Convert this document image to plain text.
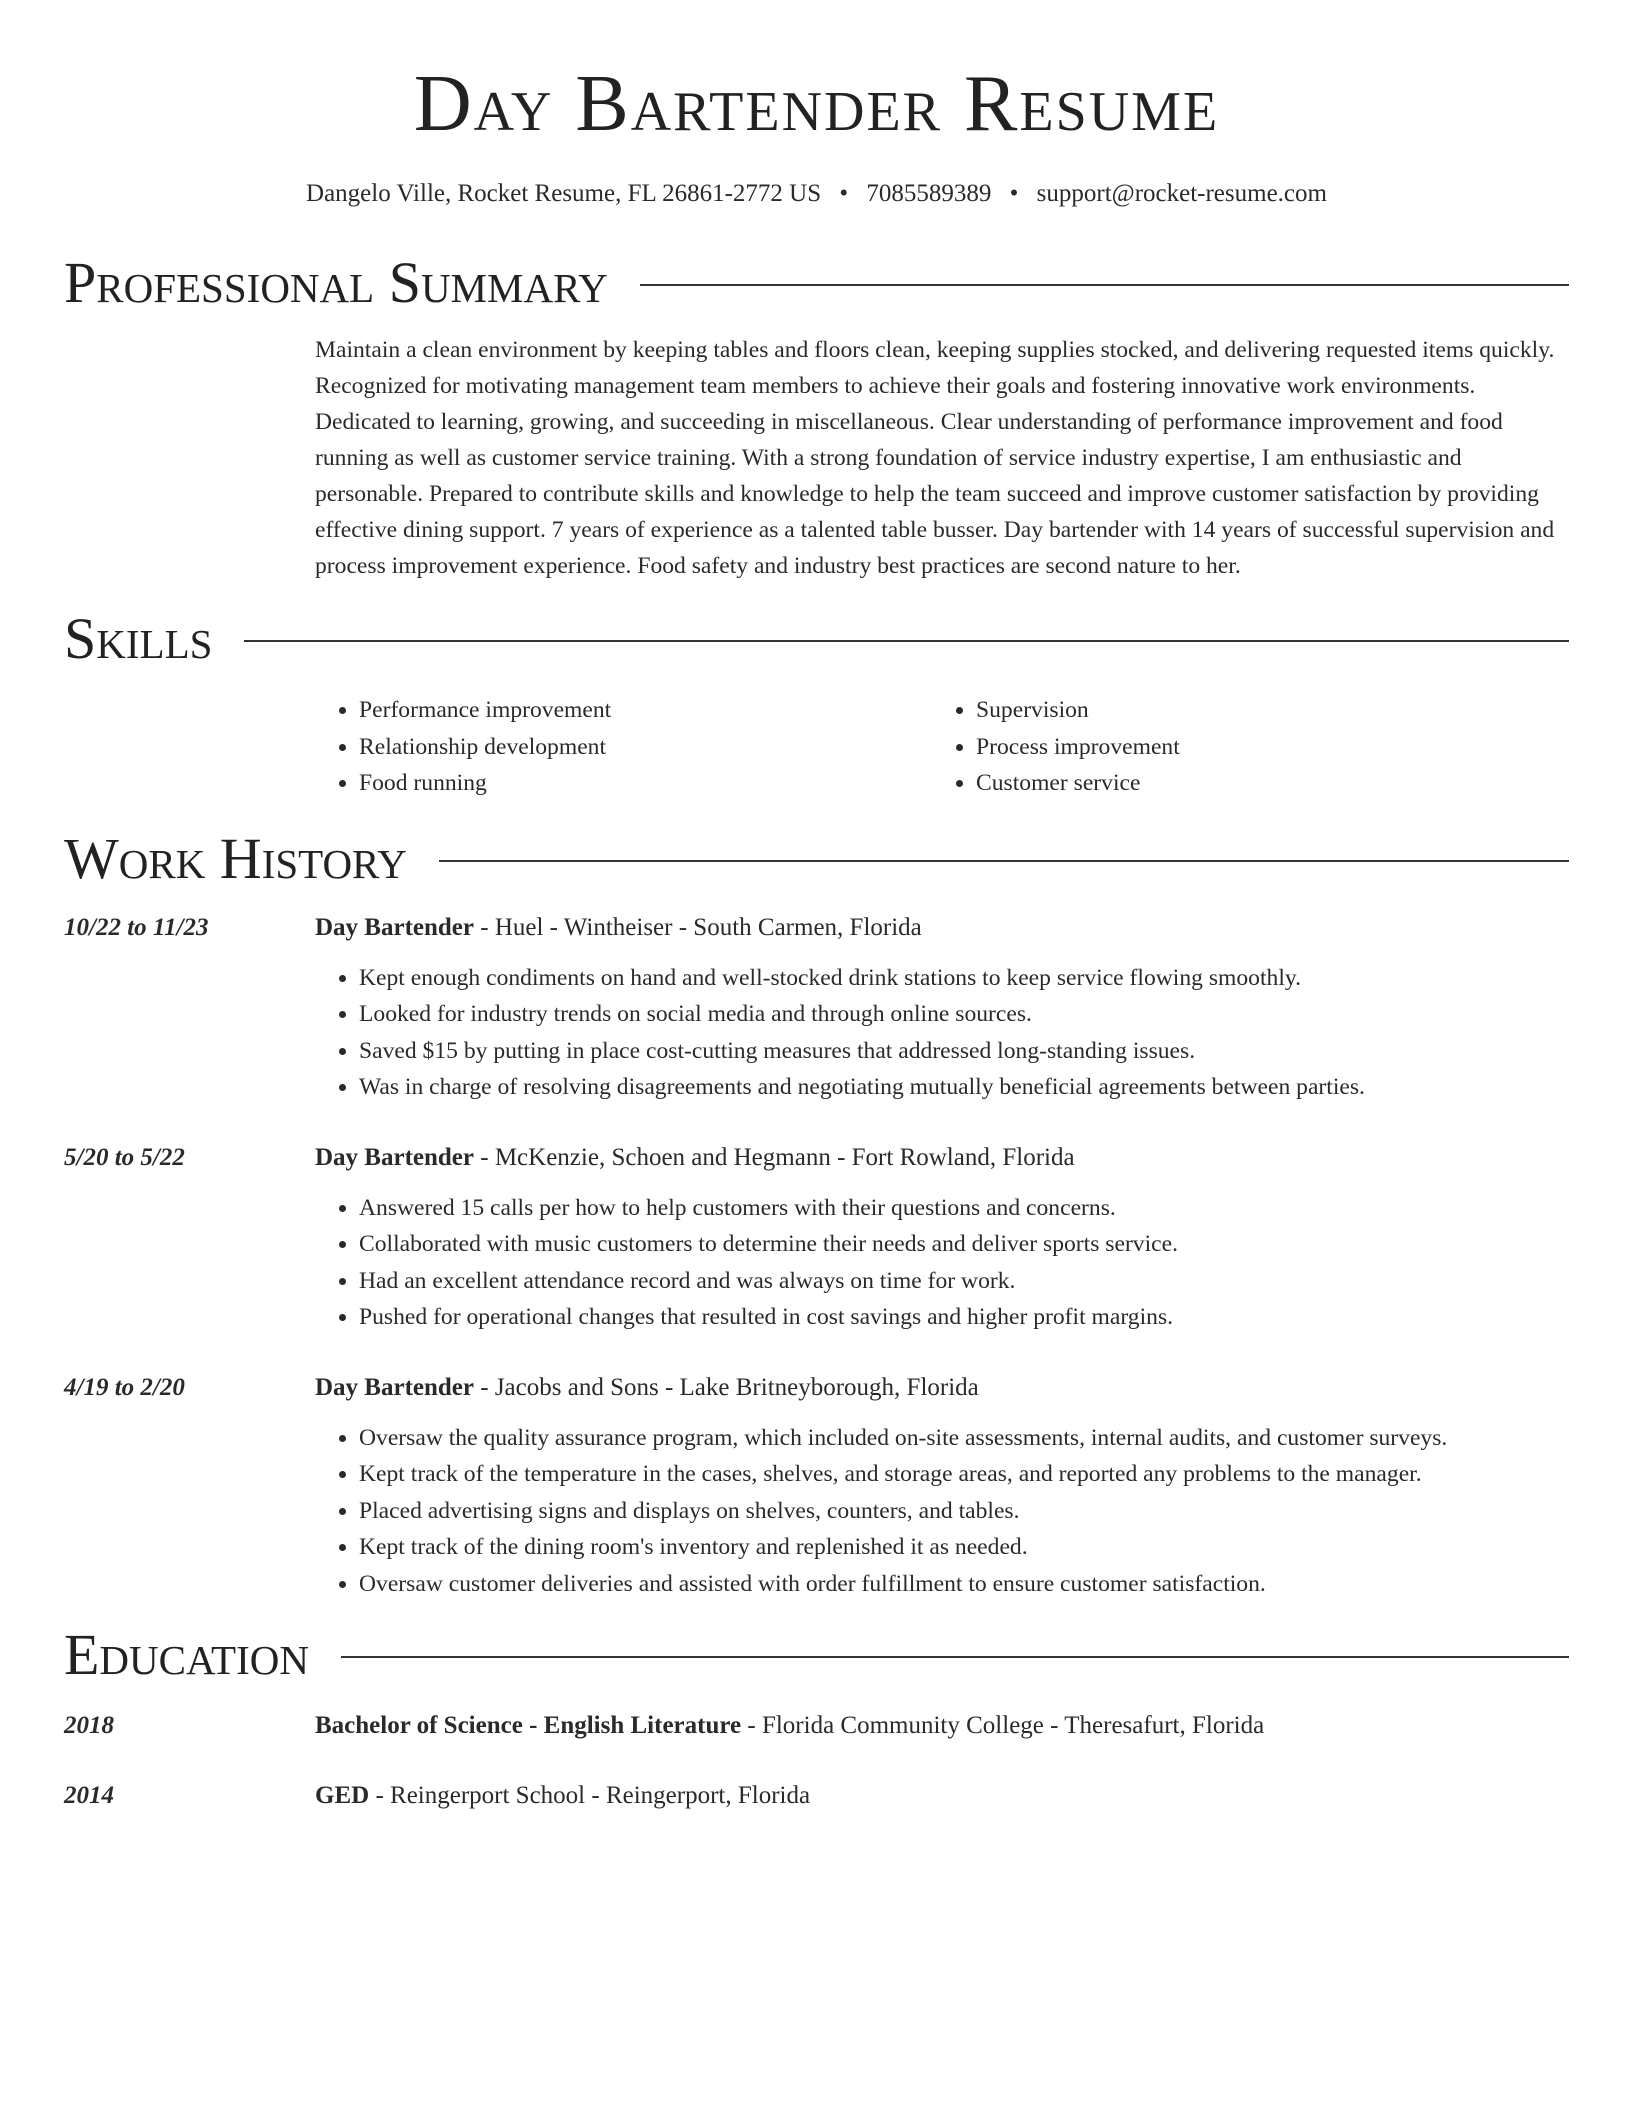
Day Bartender Resume
Dangelo Ville, Rocket Resume, FL 26861-2772 US • 7085589389 • support@rocket-resume.com
Professional Summary

Maintain a clean environment by keeping tables and floors clean, keeping supplies stocked, and delivering requested items quickly. Recognized for motivating management team members to achieve their goals and fostering innovative work environments. Dedicated to learning, growing, and succeeding in miscellaneous. Clear understanding of performance improvement and food running as well as customer service training. With a strong foundation of service industry expertise, I am enthusiastic and personable. Prepared to contribute skills and knowledge to help the team succeed and improve customer satisfaction by providing effective dining support. 7 years of experience as a talented table busser. Day bartender with 14 years of successful supervision and process improvement experience. Food safety and industry best practices are second nature to her.

Skills
• Performance improvement
• Relationship development
• Food running
• Supervision
• Process improvement
• Customer service
Work History
10/22 to 11/23	Day Bartender - Huel - Wintheiser - South Carmen, Florida
• Kept enough condiments on hand and well-stocked drink stations to keep service flowing smoothly.
• Looked for industry trends on social media and through online sources.
• Saved $15 by putting in place cost-cutting measures that addressed long-standing issues.
• Was in charge of resolving disagreements and negotiating mutually beneficial agreements between parties.
5/20 to 5/22	Day Bartender - McKenzie, Schoen and Hegmann - Fort Rowland, Florida
• Answered 15 calls per how to help customers with their questions and concerns.
• Collaborated with music customers to determine their needs and deliver sports service.
• Had an excellent attendance record and was always on time for work.
• Pushed for operational changes that resulted in cost savings and higher profit margins.
4/19 to 2/20	Day Bartender - Jacobs and Sons - Lake Britneyborough, Florida
• Oversaw the quality assurance program, which included on-site assessments, internal audits, and customer surveys.
• Kept track of the temperature in the cases, shelves, and storage areas, and reported any problems to the manager.
• Placed advertising signs and displays on shelves, counters, and tables.
• Kept track of the dining room's inventory and replenished it as needed.
• Oversaw customer deliveries and assisted with order fulfillment to ensure customer satisfaction.
Education
2018	Bachelor of Science - English Literature - Florida Community College - Theresafurt, Florida
2014	GED - Reingerport School - Reingerport, Florida
